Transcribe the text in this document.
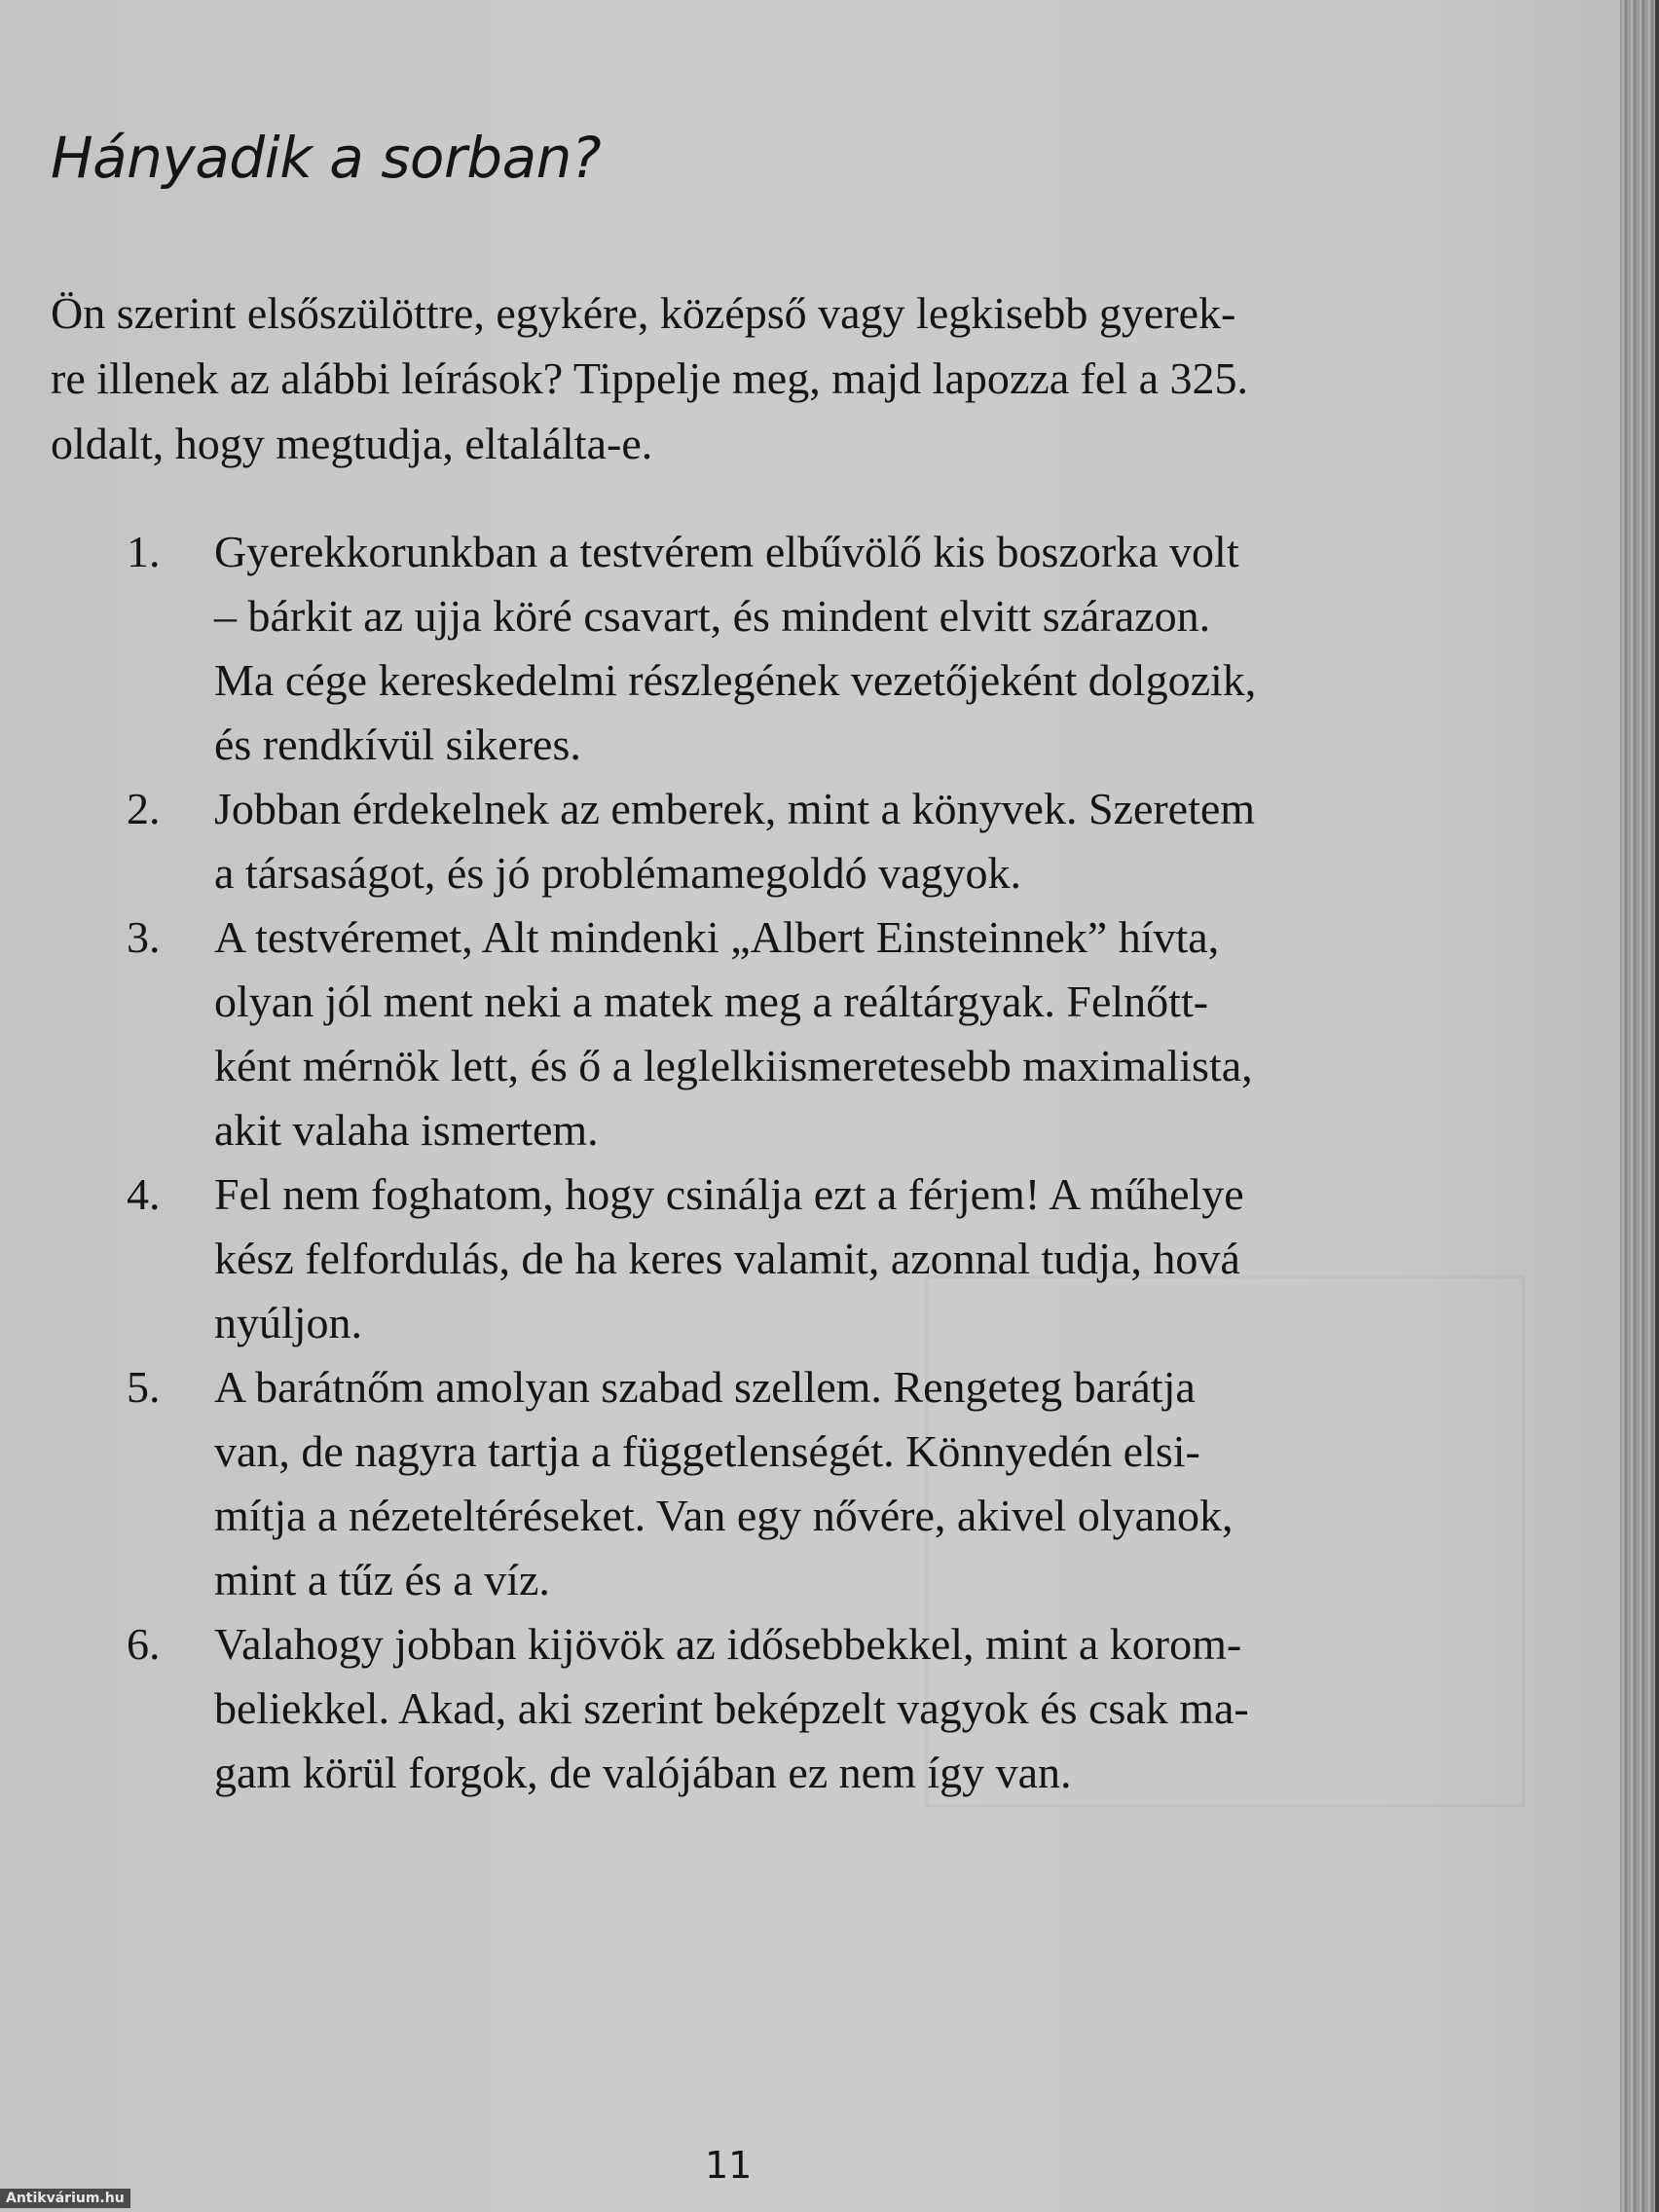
Hányadik a sorban?

Ön szerint elsőszülöttre, egykére, középső vagy legkisebb gyerek-
re illenek az alábbi leírások? Tippelje meg, majd lapozza fel a 325.
oldalt, hogy megtudja, eltalálta-e.

1. Gyerekkorunkban a testvérem elbűvölő kis boszorka volt
– bárkit az ujja köré csavart, és mindent elvitt szárazon.
Ma cége kereskedelmi részlegének vezetőjeként dolgozik,
és rendkívül sikeres.
2. Jobban érdekelnek az emberek, mint a könyvek. Szeretem
a társaságot, és jó problémamegoldó vagyok.
3. A testvéremet, Alt mindenki „Albert Einsteinnek” hívta,
olyan jól ment neki a matek meg a reáltárgyak. Felnőtt-
ként mérnök lett, és ő a leglelkiismeretesebb maximalista,
akit valaha ismertem.
4. Fel nem foghatom, hogy csinálja ezt a férjem! A műhelye
kész felfordulás, de ha keres valamit, azonnal tudja, hová
nyúljon.
5. A barátnőm amolyan szabad szellem. Rengeteg barátja
van, de nagyra tartja a függetlenségét. Könnyedén elsi-
mítja a nézeteltéréseket. Van egy nővére, akivel olyanok,
mint a tűz és a víz.
6. Valahogy jobban kijövök az idősebbekkel, mint a korom-
beliekkel. Akad, aki szerint beképzelt vagyok és csak ma-
gam körül forgok, de valójában ez nem így van.
11
Antikvárium.hu
